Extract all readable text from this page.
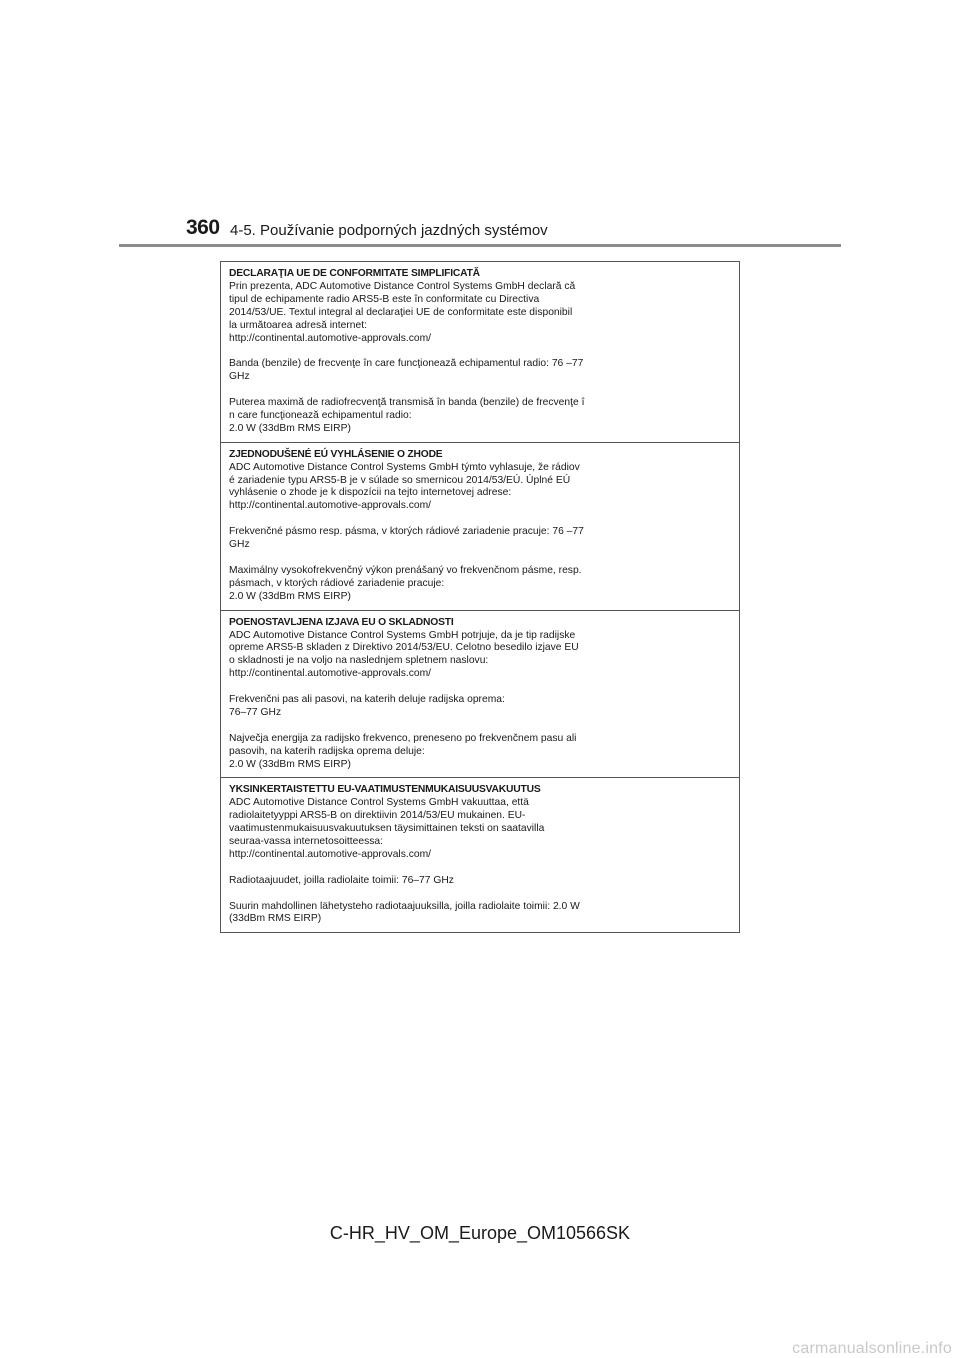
360 4-5. Používanie podporných jazdných systémov
DECLARAŢIA UE DE CONFORMITATE SIMPLIFICATĂ
Prin prezenta, ADC Automotive Distance Control Systems GmbH declară că
tipul de echipamente radio ARS5-B este în conformitate cu Directiva
2014/53/UE. Textul integral al declaraţiei UE de conformitate este disponibil
la următoarea adresă internet:
http://continental.automotive-approvals.com/
Banda (benzile) de frecvenţe în care funcţionează echipamentul radio: 76 –77
GHz
Puterea maximă de radiofrecvenţă transmisă în banda (benzile) de frecvenţe î
n care funcţionează echipamentul radio:
2.0 W (33dBm RMS EIRP)
ZJEDNODUŠENÉ EÚ VYHLÁSENIE O ZHODE
ADC Automotive Distance Control Systems GmbH týmto vyhlasuje, že rádiov
é zariadenie typu ARS5-B je v súlade so smernicou 2014/53/EÚ. Úplné EÚ
vyhlásenie o zhode je k dispozícii na tejto internetovej adrese:
http://continental.automotive-approvals.com/
Frekvenčné pásmo resp. pásma, v ktorých rádiové zariadenie pracuje: 76 –77
GHz
Maximálny vysokofrekvenčný výkon prenášaný vo frekvenčnom pásme, resp.
pásmach, v ktorých rádiové zariadenie pracuje:
2.0 W (33dBm RMS EIRP)
POENOSTAVLJENA IZJAVA EU O SKLADNOSTI
ADC Automotive Distance Control Systems GmbH potrjuje, da je tip radijske
opreme ARS5-B skladen z Direktivo 2014/53/EU. Celotno besedilo izjave EU
o skladnosti je na voljo na naslednjem spletnem naslovu:
http://continental.automotive-approvals.com/
Frekvenčni pas ali pasovi, na katerih deluje radijska oprema:
76–77 GHz
Največja energija za radijsko frekvenco, preneseno po frekvenčnem pasu ali
pasovih, na katerih radijska oprema deluje:
2.0 W (33dBm RMS EIRP)
YKSINKERTAISTETTU EU-VAATIMUSTENMUKAISUUSVAKUUTUS
ADC Automotive Distance Control Systems GmbH vakuuttaa, että
radiolaitetyyppi ARS5-B on direktiivin 2014/53/EU mukainen. EU-
vaatimustenmukaisuusvakuutuksen täysimittainen teksti on saatavilla
seuraa-vassa internetosoitteessa:
http://continental.automotive-approvals.com/
Radiotaajuudet, joilla radiolaite toimii: 76–77 GHz
Suurin mahdollinen lähetysteho radiotaajuuksilla, joilla radiolaite toimii: 2.0 W
(33dBm RMS EIRP)
C-HR_HV_OM_Europe_OM10566SK
carmanualsonline.info
